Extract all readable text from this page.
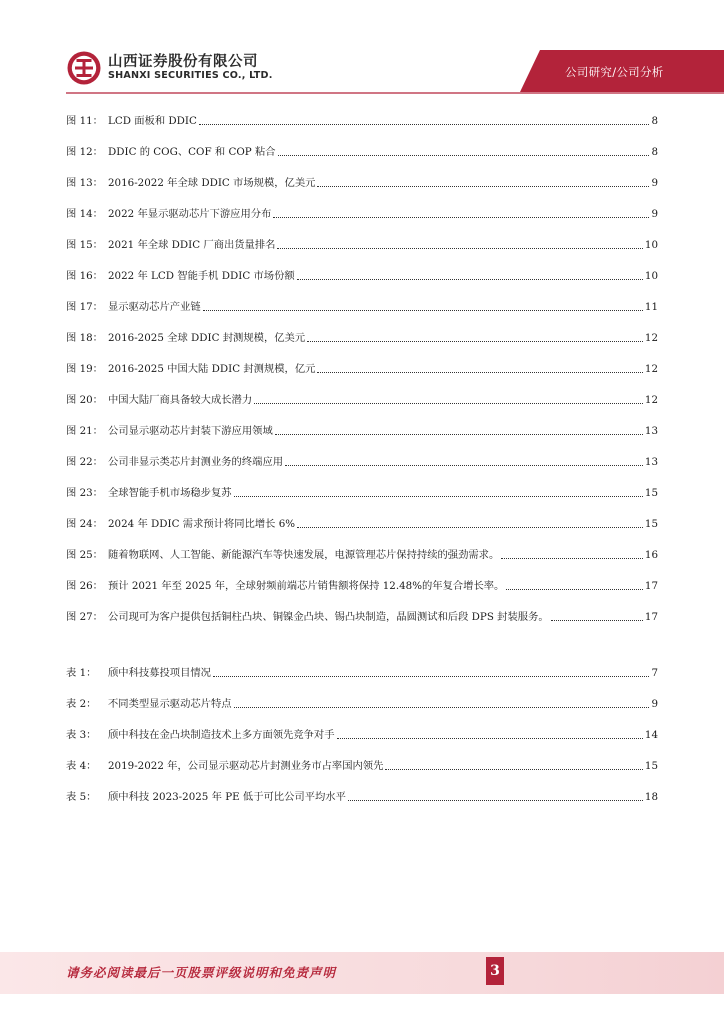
山西证券股份有限公司
SHANXI SECURITIES CO., LTD.	公司研究/公司分析
图 11： LCD 面板和 DDIC	8
图 12： DDIC 的 COG、COF 和 COP 粘合	8
图 13： 2016-2022 年全球 DDIC 市场规模，亿美元	9
图 14： 2022 年显示驱动芯片下游应用分布	9
图 15： 2021 年全球 DDIC 厂商出货量排名	10
图 16： 2022 年 LCD 智能手机 DDIC 市场份额	10
图 17： 显示驱动芯片产业链	11
图 18： 2016-2025 全球 DDIC 封测规模，亿美元	12
图 19： 2016-2025 中国大陆 DDIC 封测规模，亿元	12
图 20： 中国大陆厂商具备较大成长潜力	12
图 21： 公司显示驱动芯片封装下游应用领域	13
图 22： 公司非显示类芯片封测业务的终端应用	13
图 23： 全球智能手机市场稳步复苏	15
图 24： 2024 年 DDIC 需求预计将同比增长 6%	15
图 25： 随着物联网、人工智能、新能源汽车等快速发展，电源管理芯片保持持续的强劲需求。	16
图 26： 预计 2021 年至 2025 年，全球射频前端芯片销售额将保持 12.48%的年复合增长率。	17
图 27： 公司现可为客户提供包括铜柱凸块、铜镍金凸块、锡凸块制造，晶圆测试和后段 DPS 封装服务。	17
表 1：	颀中科技募投项目情况	7
表 2：	不同类型显示驱动芯片特点	9
表 3：	颀中科技在金凸块制造技术上多方面领先竞争对手	14
表 4：	2019-2022 年，公司显示驱动芯片封测业务市占率国内领先	15
表 5：	颀中科技 2023-2025 年 PE 低于可比公司平均水平	18
请务必阅读最后一页股票评级说明和免责声明	3
